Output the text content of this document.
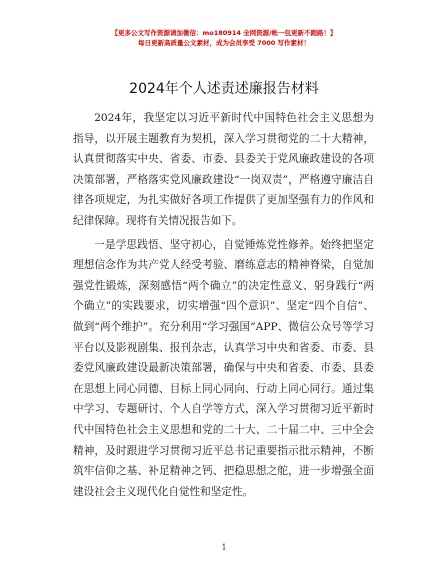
【更多公文写作资源请加微信：mo180914 全网资源/帐一包更新不跑路！】
每日更新高质量公文素材，成为会员享受 7000 写作素材！
2024年个人述责述廉报告材料

2024年，我坚定以习近平新时代中国特色社会主义思想为指导，以开展主题教育为契机，深入学习贯彻党的二十大精神，认真贯彻落实中央、省委、市委、县委关于党风廉政建设的各项决策部署，严格落实党风廉政建设“一岗双责”，严格遵守廉洁自律各项规定，为扎实做好各项工作提供了更加坚强有力的作风和纪律保障。现将有关情况报告如下。

一是学思践悟、坚守初心，自觉锤炼党性修养。始终把坚定理想信念作为共产党人经受考验、磨练意志的精神脊梁，自觉加强党性锻炼，深刻感悟“两个确立”的决定性意义、躬身践行“两个确立”的实践要求，切实增强“四个意识”、坚定“四个自信”、做到“两个维护”。充分利用“学习强国”APP、微信公众号等学习平台以及影视剧集、报刊杂志，认真学习中央和省委、市委、县委党风廉政建设最新决策部署，确保与中央和省委、市委、县委在思想上同心同德、目标上同心同向、行动上同心同行。通过集中学习、专题研讨、个人自学等方式，深入学习贯彻习近平新时代中国特色社会主义思想和党的二十大、二十届二中、三中全会精神，及时跟进学习贯彻习近平总书记重要指示批示精神，不断筑牢信仰之基、补足精神之钙、把稳思想之舵，进一步增强全面建设社会主义现代化自觉性和坚定性。

1
